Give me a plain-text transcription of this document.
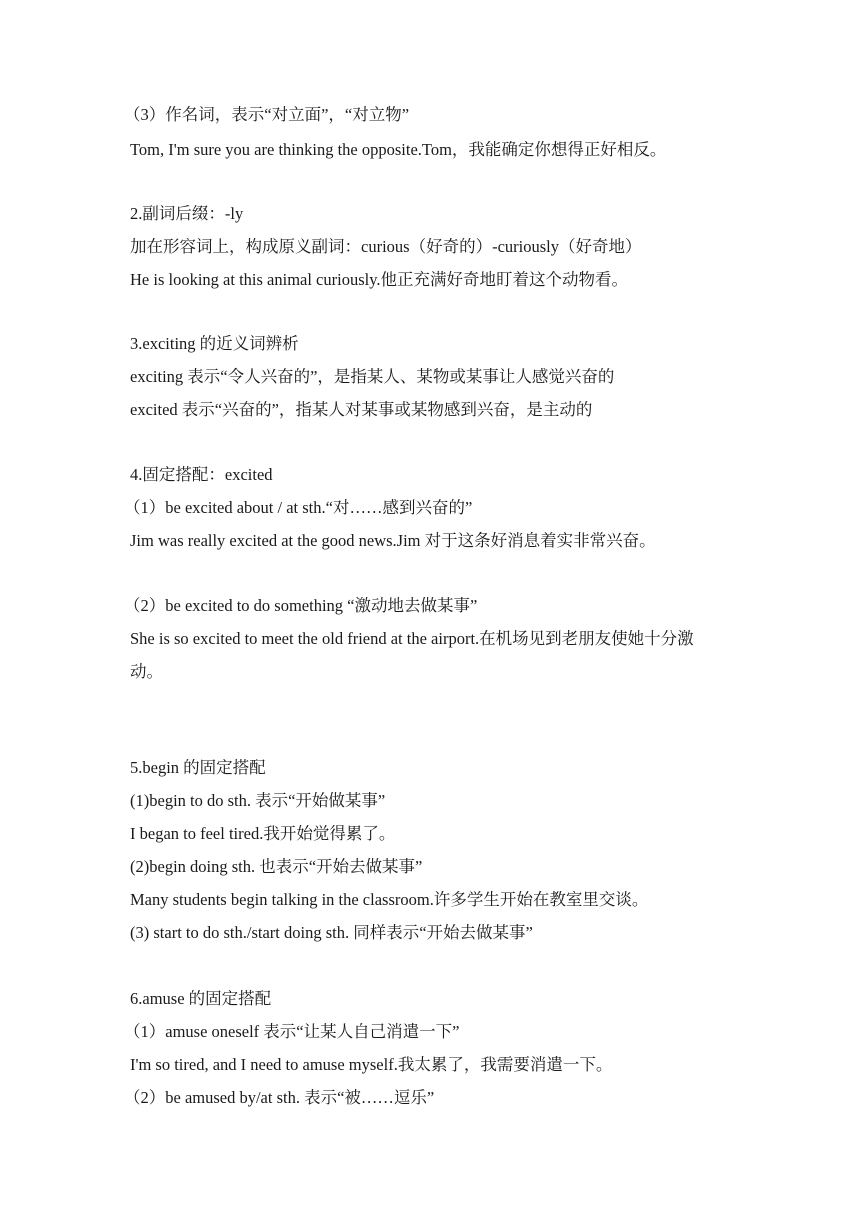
（3）作名词，表示“对立面”，“对立物”
Tom, I'm sure you are thinking the opposite.Tom，我能确定你想得正好相反。
2.副词后缀：-ly
加在形容词上，构成原义副词：curious（好奇的）-curiously（好奇地）
He is looking at this animal curiously.他正充满好奇地盯着这个动物看。
3.exciting 的近义词辨析
exciting 表示“令人兴奋的”，是指某人、某物或某事让人感觉兴奋的
excited 表示“兴奋的”，指某人对某事或某物感到兴奋，是主动的
4.固定搭配：excited
（1）be excited about / at sth.“对……感到兴奋的”
Jim was really excited at the good news.Jim 对于这条好消息着实非常兴奋。
（2）be excited to do something “激动地去做某事”
She is so excited to meet the old friend at the airport.在机场见到老朋友使她十分激
动。
5.begin 的固定搭配
(1)begin to do sth. 表示“开始做某事”
I began to feel tired.我开始觉得累了。
(2)begin doing sth. 也表示“开始去做某事”
Many students begin talking in the classroom.许多学生开始在教室里交谈。
(3) start to do sth./start doing sth. 同样表示“开始去做某事”
6.amuse 的固定搭配
（1）amuse oneself 表示“让某人自己消遣一下”
I'm so tired, and I need to amuse myself.我太累了，我需要消遣一下。
（2）be amused by/at sth. 表示“被……逗乐”
